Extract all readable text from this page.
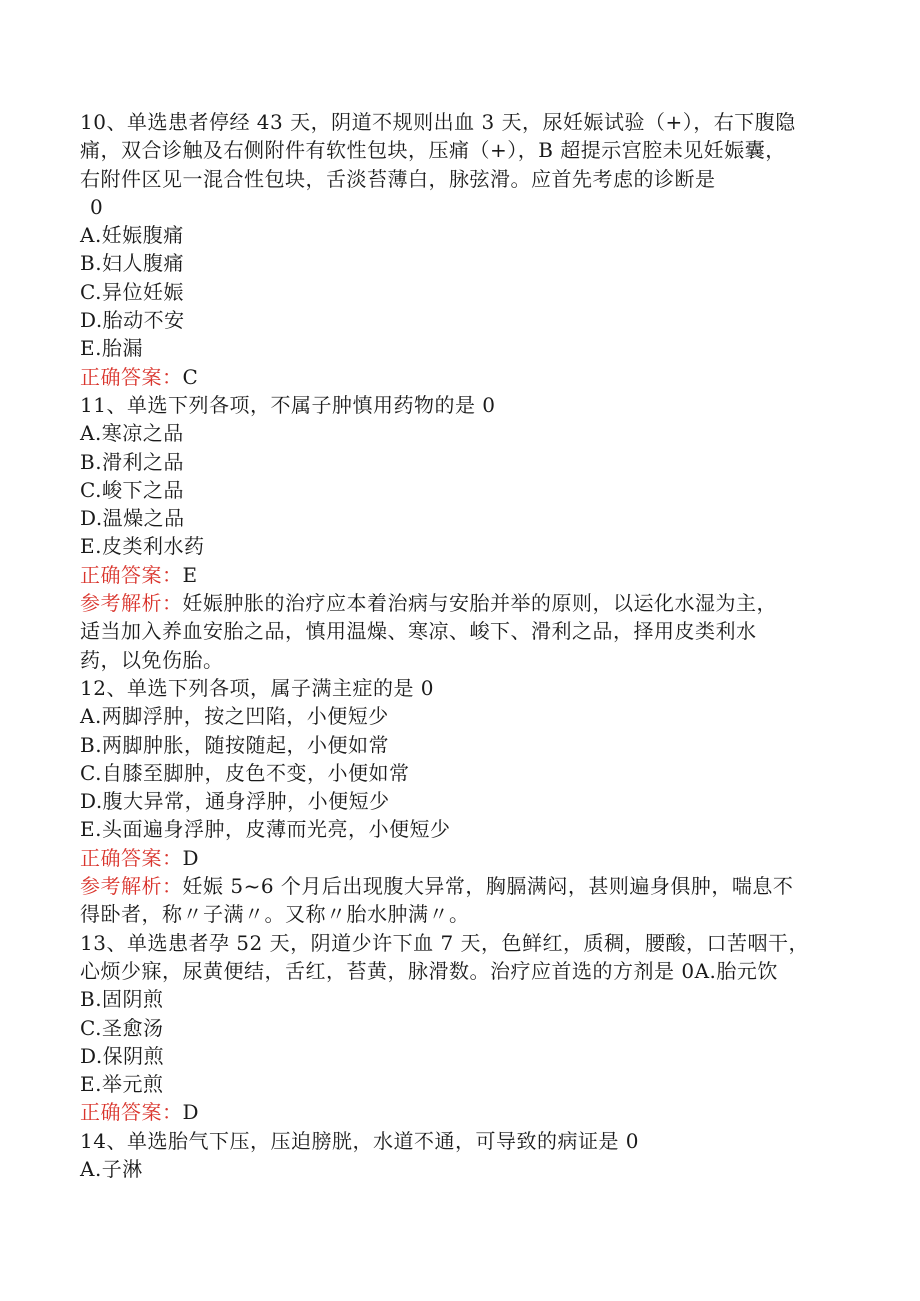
10、单选患者停经 43 天，阴道不规则出血 3 天，尿妊娠试验（+），右下腹隐

痛，双合诊触及右侧附件有软性包块，压痛（+），B 超提示宫腔未见妊娠囊，

右附件区见一混合性包块，舌淡苔薄白，脉弦滑。应首先考虑的诊断是

0

A.妊娠腹痛

B.妇人腹痛

C.异位妊娠

D.胎动不安

E.胎漏

正确答案：C

11、单选下列各项，不属子肿慎用药物的是 0

A.寒凉之品

B.滑利之品

C.峻下之品

D.温燥之品

E.皮类利水药

正确答案：E

参考解析：妊娠肿胀的治疗应本着治病与安胎并举的原则，以运化水湿为主，

适当加入养血安胎之品，慎用温燥、寒凉、峻下、滑利之品，择用皮类利水

药，以免伤胎。

12、单选下列各项，属子满主症的是 0

A.两脚浮肿，按之凹陷，小便短少

B.两脚肿胀，随按随起，小便如常

C.自膝至脚肿，皮色不变，小便如常

D.腹大异常，通身浮肿，小便短少

E.头面遍身浮肿，皮薄而光亮，小便短少

正确答案：D

参考解析：妊娠 5~6 个月后出现腹大异常，胸膈满闷，甚则遍身俱肿，喘息不

得卧者，称〃子满〃。又称〃胎水肿满〃。

13、单选患者孕 52 天，阴道少许下血 7 天，色鲜红，质稠，腰酸，口苦咽干，

心烦少寐，尿黄便结，舌红，苔黄，脉滑数。治疗应首选的方剂是 0A.胎元饮

B.固阴煎

C.圣愈汤

D.保阴煎

E.举元煎

正确答案：D

14、单选胎气下压，压迫膀胱，水道不通，可导致的病证是 0

A.子淋
